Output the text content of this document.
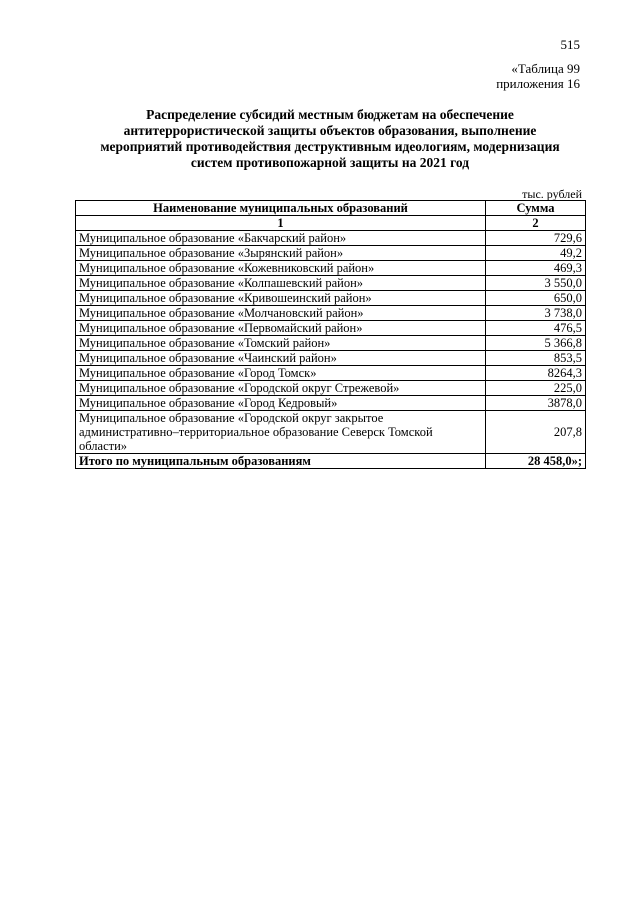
515
«Таблица 99
приложения 16
Распределение субсидий местным бюджетам на обеспечение
антитеррористической защиты объектов образования, выполнение
мероприятий противодействия деструктивным идеологиям, модернизация
систем противопожарной защиты на 2021 год
тыс. рублей
Наименование муниципальных образований	Сумма
1	2
Муниципальное образование «Бакчарский район»	729,6
Муниципальное образование «Зырянский район»	49,2
Муниципальное образование «Кожевниковский район»	469,3
Муниципальное образование «Колпашевский район»	3 550,0
Муниципальное образование «Кривошеинский район»	650,0
Муниципальное образование «Молчановский район»	3 738,0
Муниципальное образование «Первомайский район»	476,5
Муниципальное образование «Томский район»	5 366,8
Муниципальное образование «Чаинский район»	853,5
Муниципальное образование «Город Томск»	8264,3
Муниципальное образование «Городской округ Стрежевой»	225,0
Муниципальное образование «Город Кедровый»	3878,0
Муниципальное образование «Городской округ закрытое административно–территориальное образование Северск Томской области»	207,8
Итого по муниципальным образованиям	28 458,0»;
